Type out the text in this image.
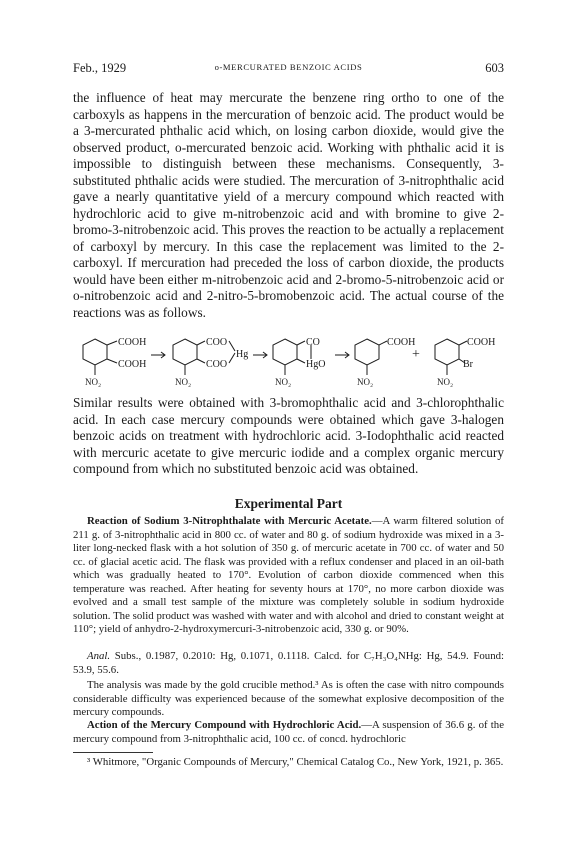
Feb., 1929	o-MERCURATED BENZOIC ACIDS	603

the influence of heat may mercurate the benzene ring ortho to one of the carboxyls as happens in the mercuration of benzoic acid. The product would be a 3-mercurated phthalic acid which, on losing carbon dioxide, would give the observed product, o-mercurated benzoic acid. Working with phthalic acid it is impossible to distinguish between these mechanisms. Consequently, 3-substituted phthalic acids were studied. The mercuration of 3-nitrophthalic acid gave a nearly quantitative yield of a mercury compound which reacted with hydrochloric acid to give m-nitrobenzoic acid and with bromine to give 2-bromo-3-nitrobenzoic acid. This proves the reaction to be actually a replacement of carboxyl by mercury. In this case the replacement was limited to the 2-carboxyl. If mercuration had preceded the loss of carbon dioxide, the products would have been either m-nitrobenzoic acid and 2-bromo-5-nitrobenzoic acid or o-nitrobenzoic acid and 2-nitro-5-bromobenzoic acid. The actual course of the reactions was as follows.

COOH
COOH
NO₂
COO
COO
Hg
NO₂
CO
HgO
NO₂
COOH
NO₂
+
COOH
Br
NO₂

Similar results were obtained with 3-bromophthalic acid and 3-chlorophthalic acid. In each case mercury compounds were obtained which gave 3-halogen benzoic acids on treatment with hydrochloric acid. 3-Iodophthalic acid reacted with mercuric acetate to give mercuric iodide and a complex organic mercury compound from which no substituted benzoic acid was obtained.

Experimental Part

Reaction of Sodium 3-Nitrophthalate with Mercuric Acetate.—A warm filtered solution of 211 g. of 3-nitrophthalic acid in 800 cc. of water and 80 g. of sodium hydroxide was mixed in a 3-liter long-necked flask with a hot solution of 350 g. of mercuric acetate in 700 cc. of water and 50 cc. of glacial acetic acid. The flask was provided with a reflux condenser and placed in an oil-bath which was gradually heated to 170°. Evolution of carbon dioxide commenced when this temperature was reached. After heating for seventy hours at 170°, no more carbon dioxide was evolved and a small test sample of the mixture was completely soluble in sodium hydroxide solution. The solid product was washed with water and with alcohol and dried to constant weight at 110°; yield of anhydro-2-hydroxymercuri-3-nitrobenzoic acid, 330 g. or 90%.

Anal. Subs., 0.1987, 0.2010: Hg, 0.1071, 0.1118. Calcd. for C₇H₃O₄NHg: Hg, 54.9. Found: 53.9, 55.6.

The analysis was made by the gold crucible method.³ As is often the case with nitro compounds considerable difficulty was experienced because of the somewhat explosive decomposition of the mercury compounds.

Action of the Mercury Compound with Hydrochloric Acid.—A suspension of 36.6 g. of the mercury compound from 3-nitrophthalic acid, 100 cc. of concd. hydrochloric

³ Whitmore, "Organic Compounds of Mercury," Chemical Catalog Co., New York, 1921, p. 365.
